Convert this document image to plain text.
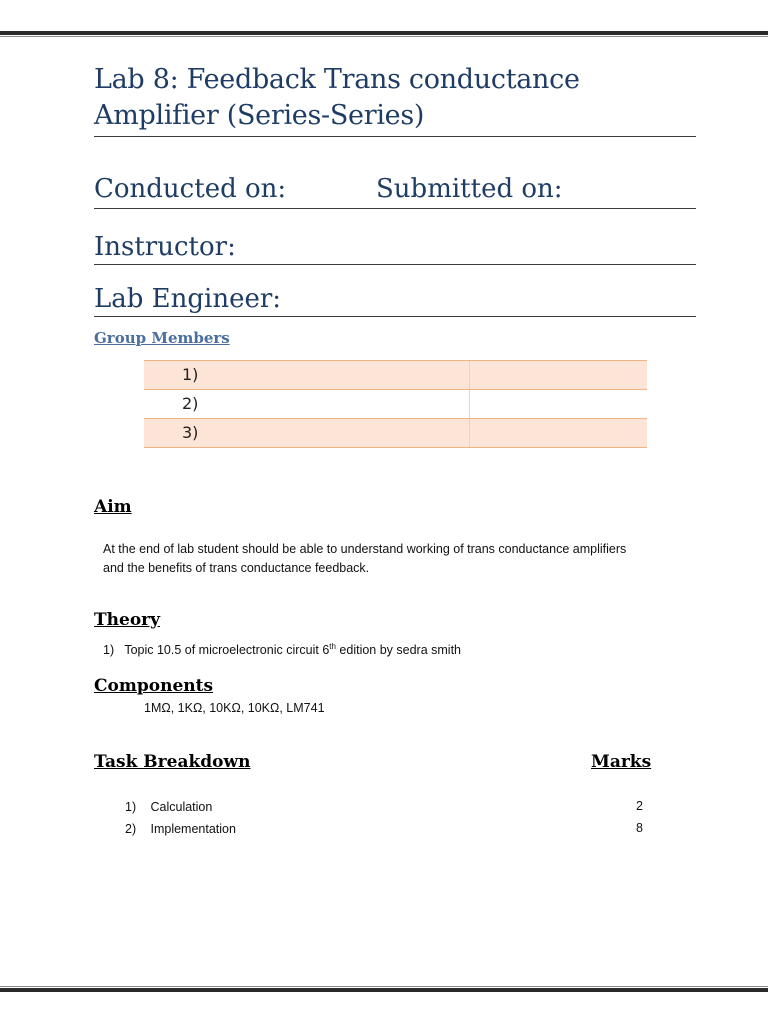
Lab 8: Feedback Trans conductance Amplifier (Series-Series)
Conducted on:	Submitted on:
Instructor:
Lab Engineer:
Group Members
1)
2)
3)
Aim
At the end of lab student should be able to understand working of trans conductance amplifiers
and the benefits of trans conductance feedback.
Theory
1) Topic 10.5 of microelectronic circuit 6th edition by sedra smith
Components
1MΩ, 1KΩ, 10KΩ, 10KΩ, LM741
Task Breakdown	Marks
1) Calculation	2
2) Implementation	8
